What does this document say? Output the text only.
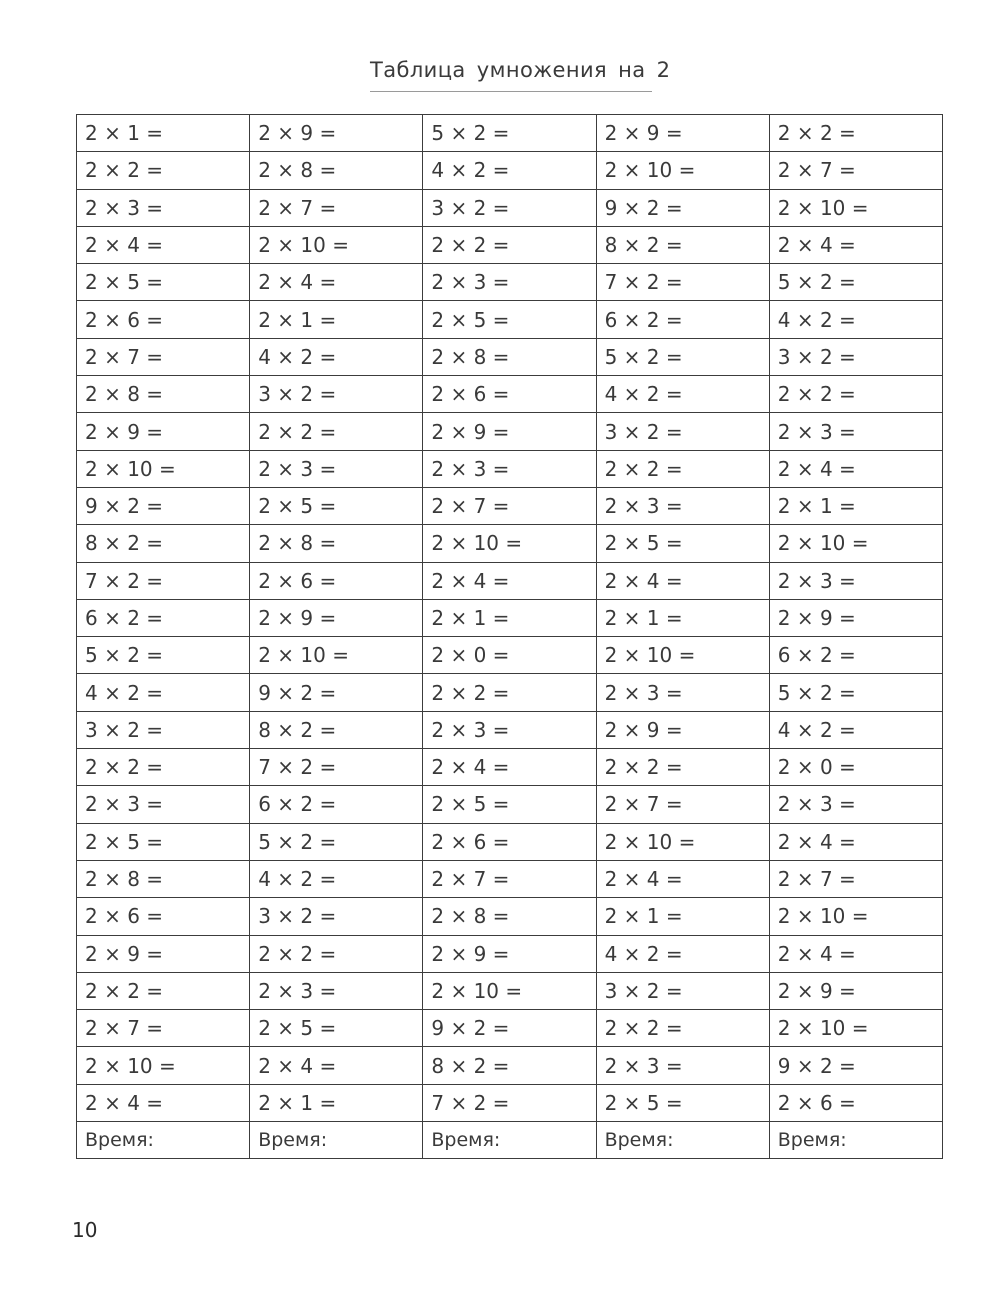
Таблица умножения на 2
2 × 1 =	2 × 9 =	5 × 2 =	2 × 9 =	2 × 2 =
2 × 2 =	2 × 8 =	4 × 2 =	2 × 10 =	2 × 7 =
2 × 3 =	2 × 7 =	3 × 2 =	9 × 2 =	2 × 10 =
2 × 4 =	2 × 10 =	2 × 2 =	8 × 2 =	2 × 4 =
2 × 5 =	2 × 4 =	2 × 3 =	7 × 2 =	5 × 2 =
2 × 6 =	2 × 1 =	2 × 5 =	6 × 2 =	4 × 2 =
2 × 7 =	4 × 2 =	2 × 8 =	5 × 2 =	3 × 2 =
2 × 8 =	3 × 2 =	2 × 6 =	4 × 2 =	2 × 2 =
2 × 9 =	2 × 2 =	2 × 9 =	3 × 2 =	2 × 3 =
2 × 10 =	2 × 3 =	2 × 3 =	2 × 2 =	2 × 4 =
9 × 2 =	2 × 5 =	2 × 7 =	2 × 3 =	2 × 1 =
8 × 2 =	2 × 8 =	2 × 10 =	2 × 5 =	2 × 10 =
7 × 2 =	2 × 6 =	2 × 4 =	2 × 4 =	2 × 3 =
6 × 2 =	2 × 9 =	2 × 1 =	2 × 1 =	2 × 9 =
5 × 2 =	2 × 10 =	2 × 0 =	2 × 10 =	6 × 2 =
4 × 2 =	9 × 2 =	2 × 2 =	2 × 3 =	5 × 2 =
3 × 2 =	8 × 2 =	2 × 3 =	2 × 9 =	4 × 2 =
2 × 2 =	7 × 2 =	2 × 4 =	2 × 2 =	2 × 0 =
2 × 3 =	6 × 2 =	2 × 5 =	2 × 7 =	2 × 3 =
2 × 5 =	5 × 2 =	2 × 6 =	2 × 10 =	2 × 4 =
2 × 8 =	4 × 2 =	2 × 7 =	2 × 4 =	2 × 7 =
2 × 6 =	3 × 2 =	2 × 8 =	2 × 1 =	2 × 10 =
2 × 9 =	2 × 2 =	2 × 9 =	4 × 2 =	2 × 4 =
2 × 2 =	2 × 3 =	2 × 10 =	3 × 2 =	2 × 9 =
2 × 7 =	2 × 5 =	9 × 2 =	2 × 2 =	2 × 10 =
2 × 10 =	2 × 4 =	8 × 2 =	2 × 3 =	9 × 2 =
2 × 4 =	2 × 1 =	7 × 2 =	2 × 5 =	2 × 6 =
Время:	Время:	Время:	Время:	Время:
10
